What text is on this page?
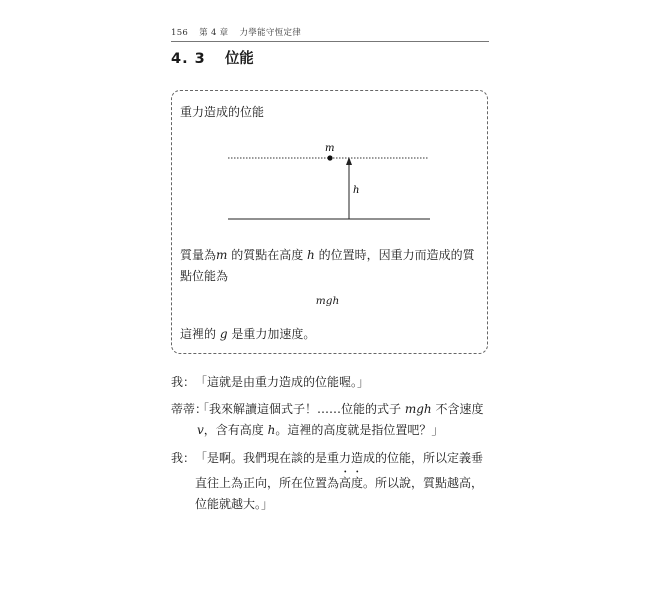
156 第 4 章 力學能守恆定律
4. 3 位能
重力造成的位能
m
h
質量為m 的質點在高度 h 的位置時，因重力而造成的質點位能為
mgh
這裡的 g 是重力加速度。
我： 「這就是由重力造成的位能喔。」
蒂蒂：
「我來解讀這個式子！……位能的式子 mgh 不含速度 v，含有高度 h。這裡的高度就是指位置吧？」
我： 「是啊。我們現在談的是重力造成的位能，所以定義垂直往上為正向，所在位置為高度。所以說，質點越高，位能就越大。」
